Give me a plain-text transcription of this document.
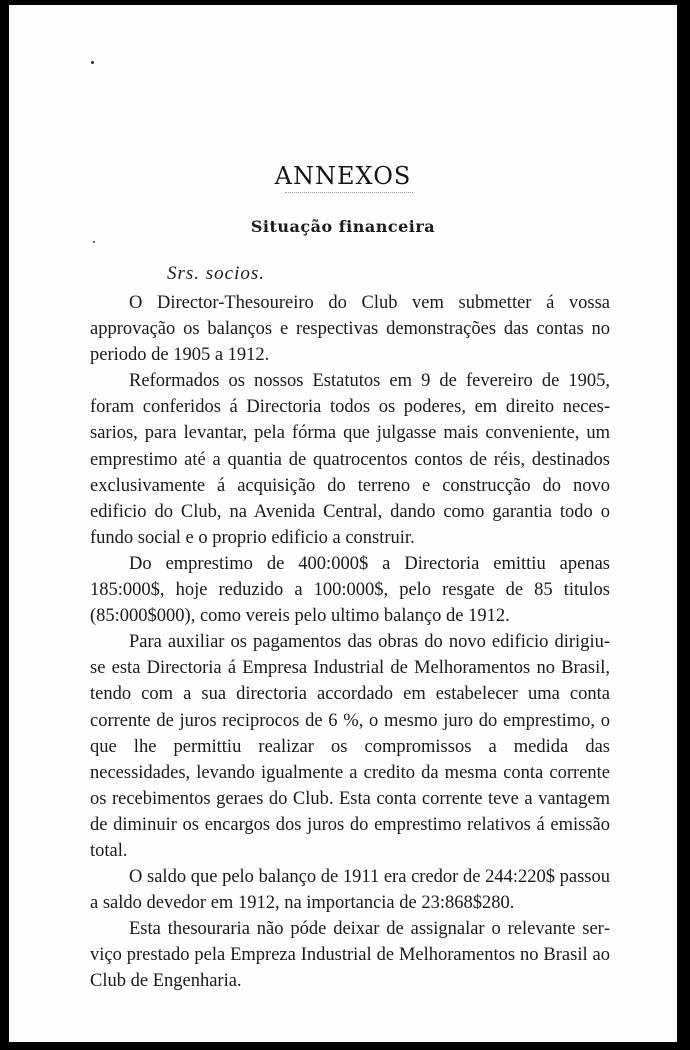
ANNEXOS
Situação financeira
Srs. socios.

O Director-Thesoureiro do Club vem submetter á vossa approvação os balanços e respectivas demonstrações das contas no periodo de 1905 a 1912.

Reformados os nossos Estatutos em 9 de fevereiro de 1905, foram conferidos á Directoria todos os poderes, em direito necessarios, para levantar, pela fórma que julgasse mais conveniente, um emprestimo até a quantia de quatrocentos contos de réis, destinados exclusivamente á acquisição do terreno e construcção do novo edificio do Club, na Avenida Central, dando como garantia todo o fundo social e o proprio edificio a construir.

Do emprestimo de 400:000$ a Directoria emittiu apenas 185:000$, hoje reduzido a 100:000$, pelo resgate de 85 titulos (85:000$000), como vereis pelo ultimo balanço de 1912.

Para auxiliar os pagamentos das obras do novo edificio dirigiu-se esta Directoria á Empresa Industrial de Melhoramentos no Brasil, tendo com a sua directoria accordado em estabelecer uma conta corrente de juros reciprocos de 6 %, o mesmo juro do emprestimo, o que lhe permittiu realizar os compromissos a medida das necessidades, levando igualmente a credito da mesma conta corrente os recebimentos geraes do Club. Esta conta corrente teve a vantagem de diminuir os encargos dos juros do emprestimo relativos á emissão total.

O saldo que pelo balanço de 1911 era credor de 244:220$ passou a saldo devedor em 1912, na importancia de 23:868$280.

Esta thesouraria não póde deixar de assignalar o relevante serviço prestado pela Empreza Industrial de Melhoramentos no Brasil ao Club de Engenharia.
